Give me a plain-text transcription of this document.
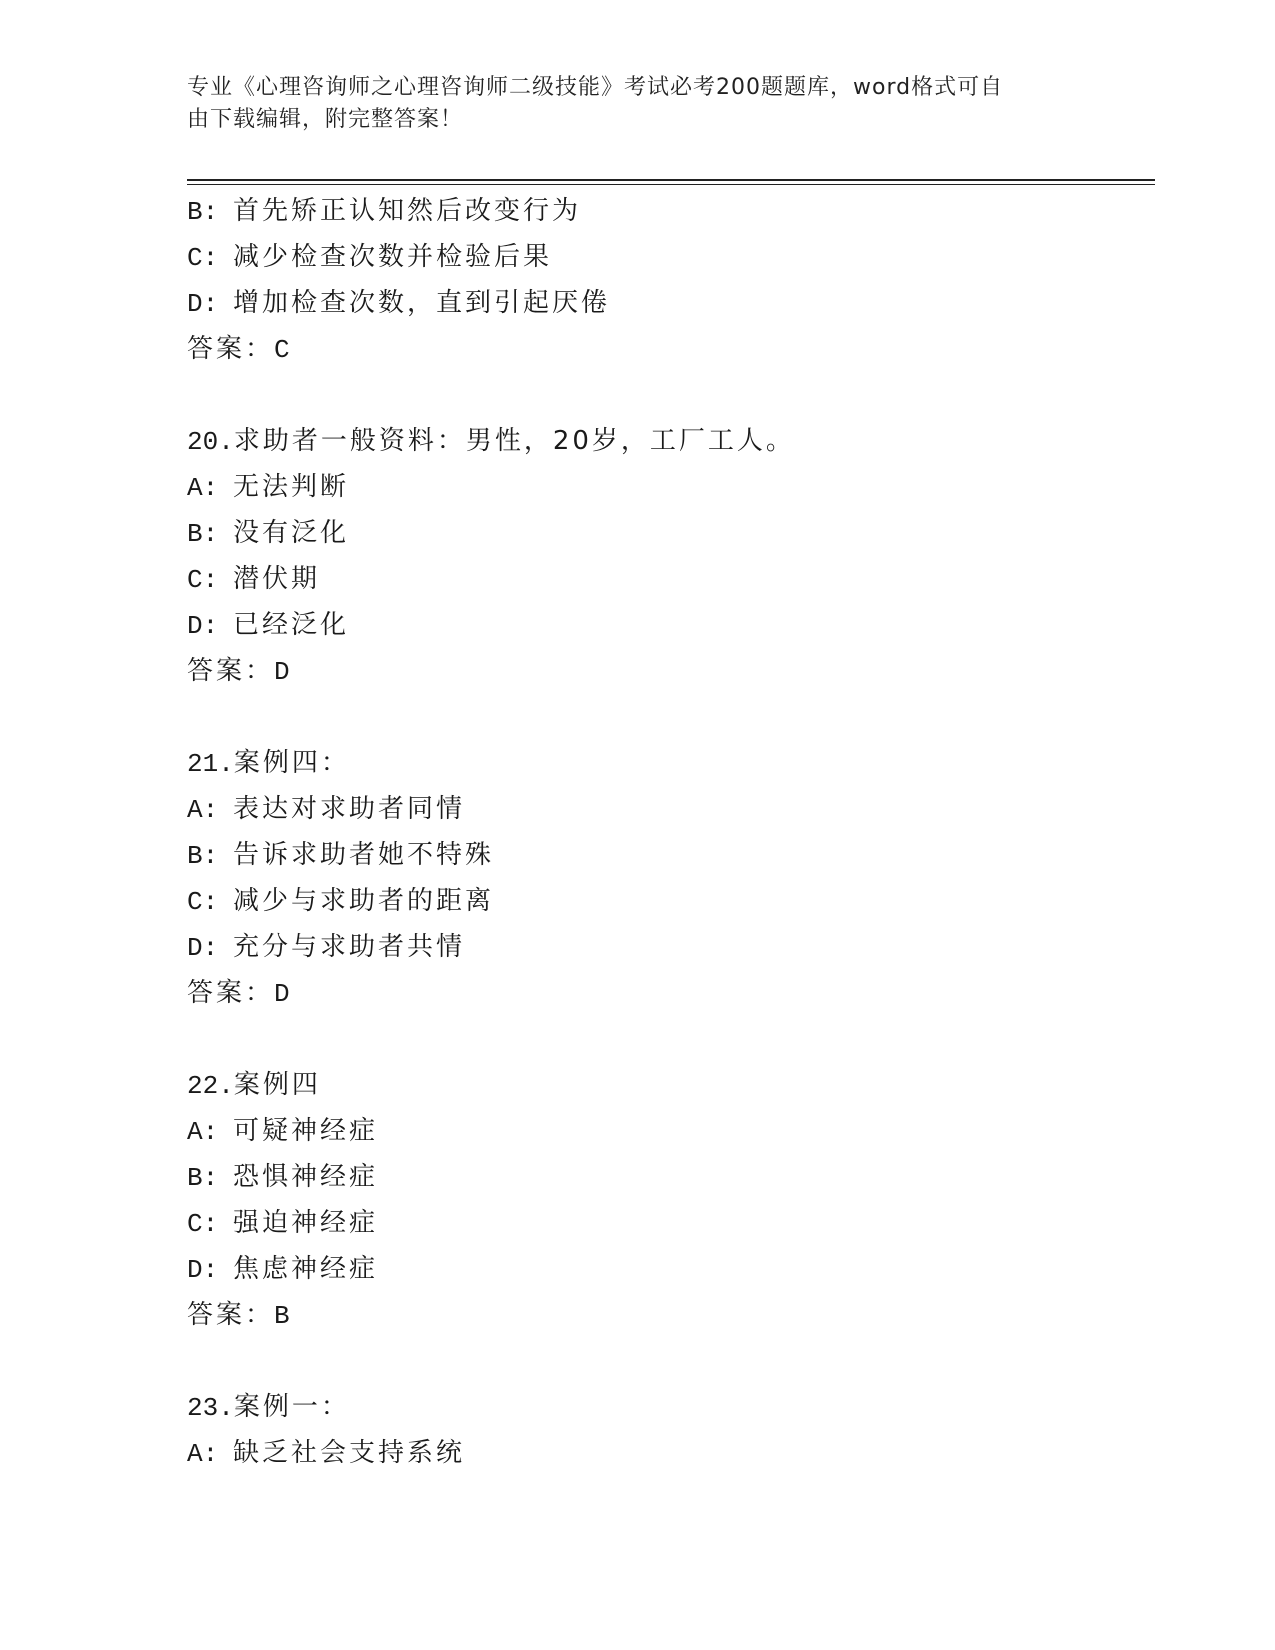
专业《心理咨询师之心理咨询师二级技能》考试必考200题题库，word格式可自
由下载编辑，附完整答案！
B: 首先矫正认知然后改变行为
C: 减少检查次数并检验后果
D: 增加检查次数，直到引起厌倦
答案：C
20.求助者一般资料：男性，20岁，工厂工人。
A: 无法判断
B: 没有泛化
C: 潜伏期
D: 已经泛化
答案：D
21.案例四：
A: 表达对求助者同情
B: 告诉求助者她不特殊
C: 减少与求助者的距离
D: 充分与求助者共情
答案：D
22.案例四
A: 可疑神经症
B: 恐惧神经症
C: 强迫神经症
D: 焦虑神经症
答案：B
23.案例一：
A: 缺乏社会支持系统
